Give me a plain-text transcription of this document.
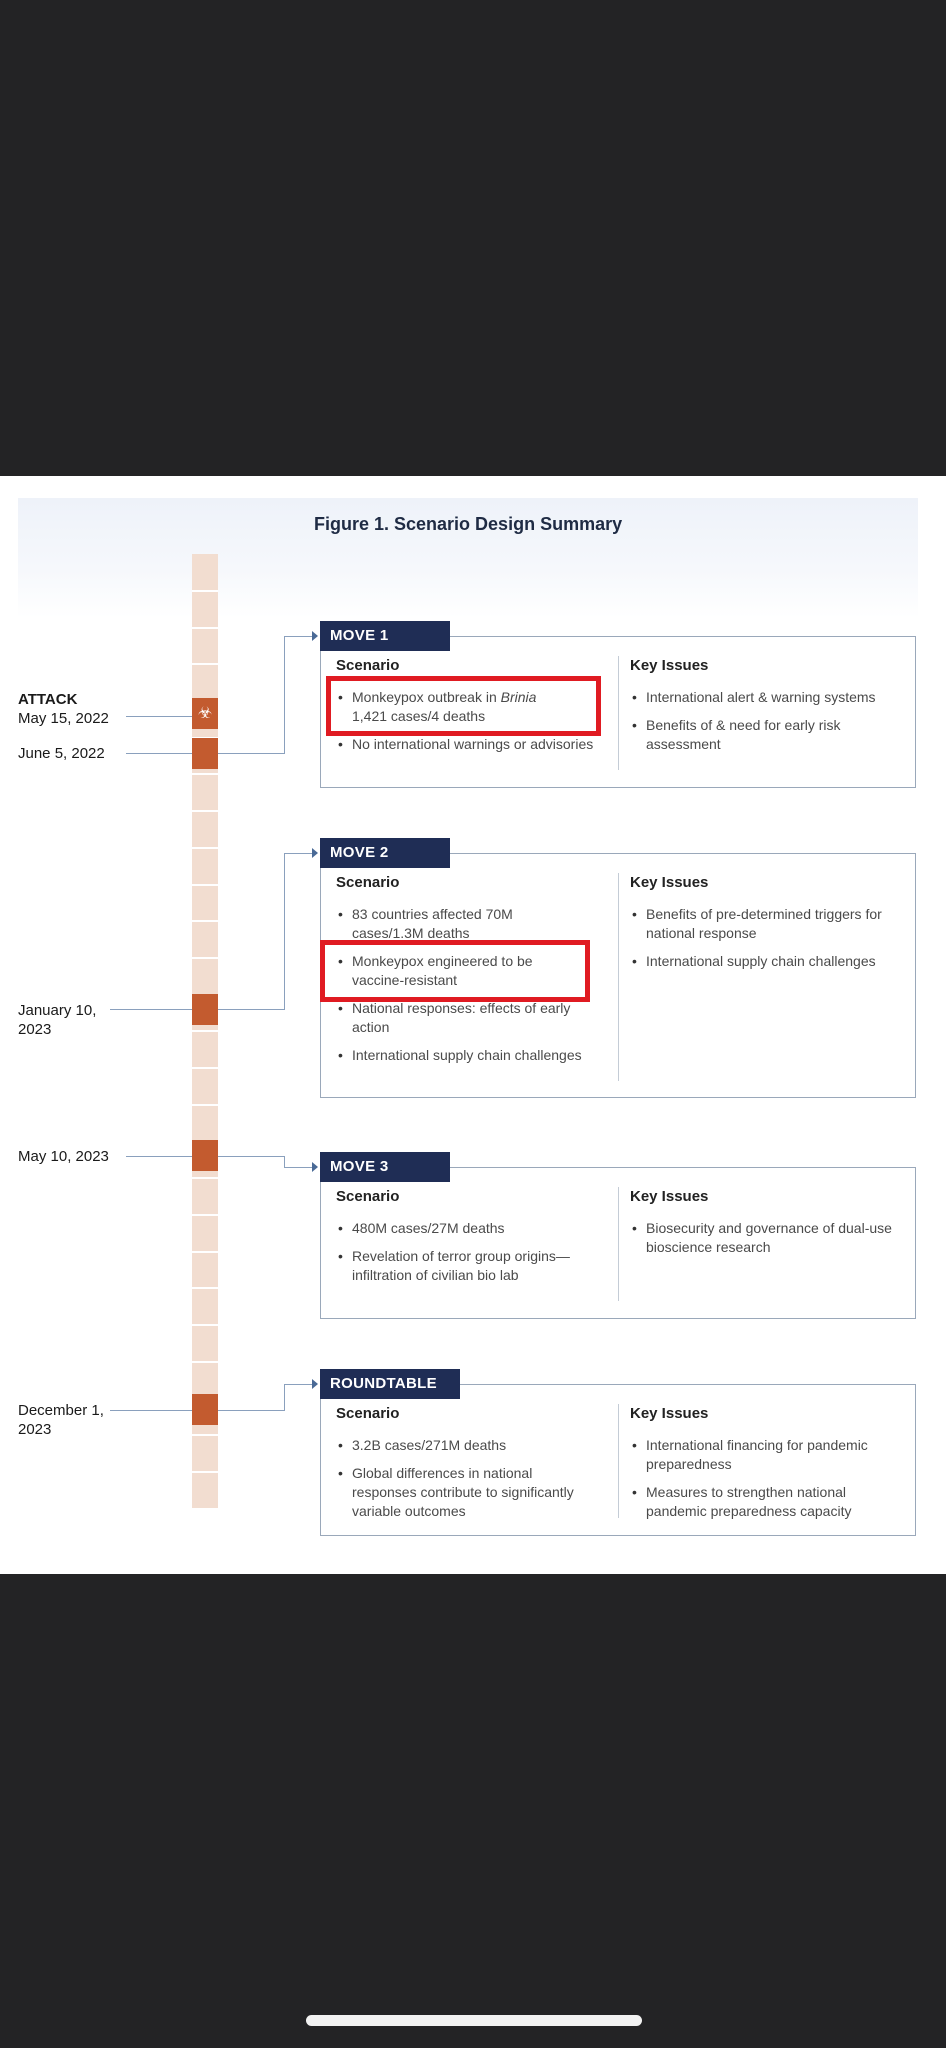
Figure 1. Scenario Design Summary
☣
ATTACK
May 15, 2022
June 5, 2022
January 10,
2023
May 10, 2023
December 1,
2023
MOVE 1
Scenario	Key Issues
• Monkeypox outbreak in Brinia
1,421 cases/4 deaths
• No international warnings or advisories
• International alert & warning systems
• Benefits of & need for early risk assessment
MOVE 2
Scenario	Key Issues
• 83 countries affected 70M cases/1.3M deaths
• Monkeypox engineered to be vaccine-resistant
• National responses: effects of early action
• International supply chain challenges
• Benefits of pre-determined triggers for national response
• International supply chain challenges
MOVE 3
Scenario	Key Issues
• 480M cases/27M deaths
• Revelation of terror group origins—infiltration of civilian bio lab
• Biosecurity and governance of dual-use bioscience research
ROUNDTABLE
Scenario	Key Issues
• 3.2B cases/271M deaths
• Global differences in national responses contribute to significantly variable outcomes
• International financing for pandemic preparedness
• Measures to strengthen national pandemic preparedness capacity
